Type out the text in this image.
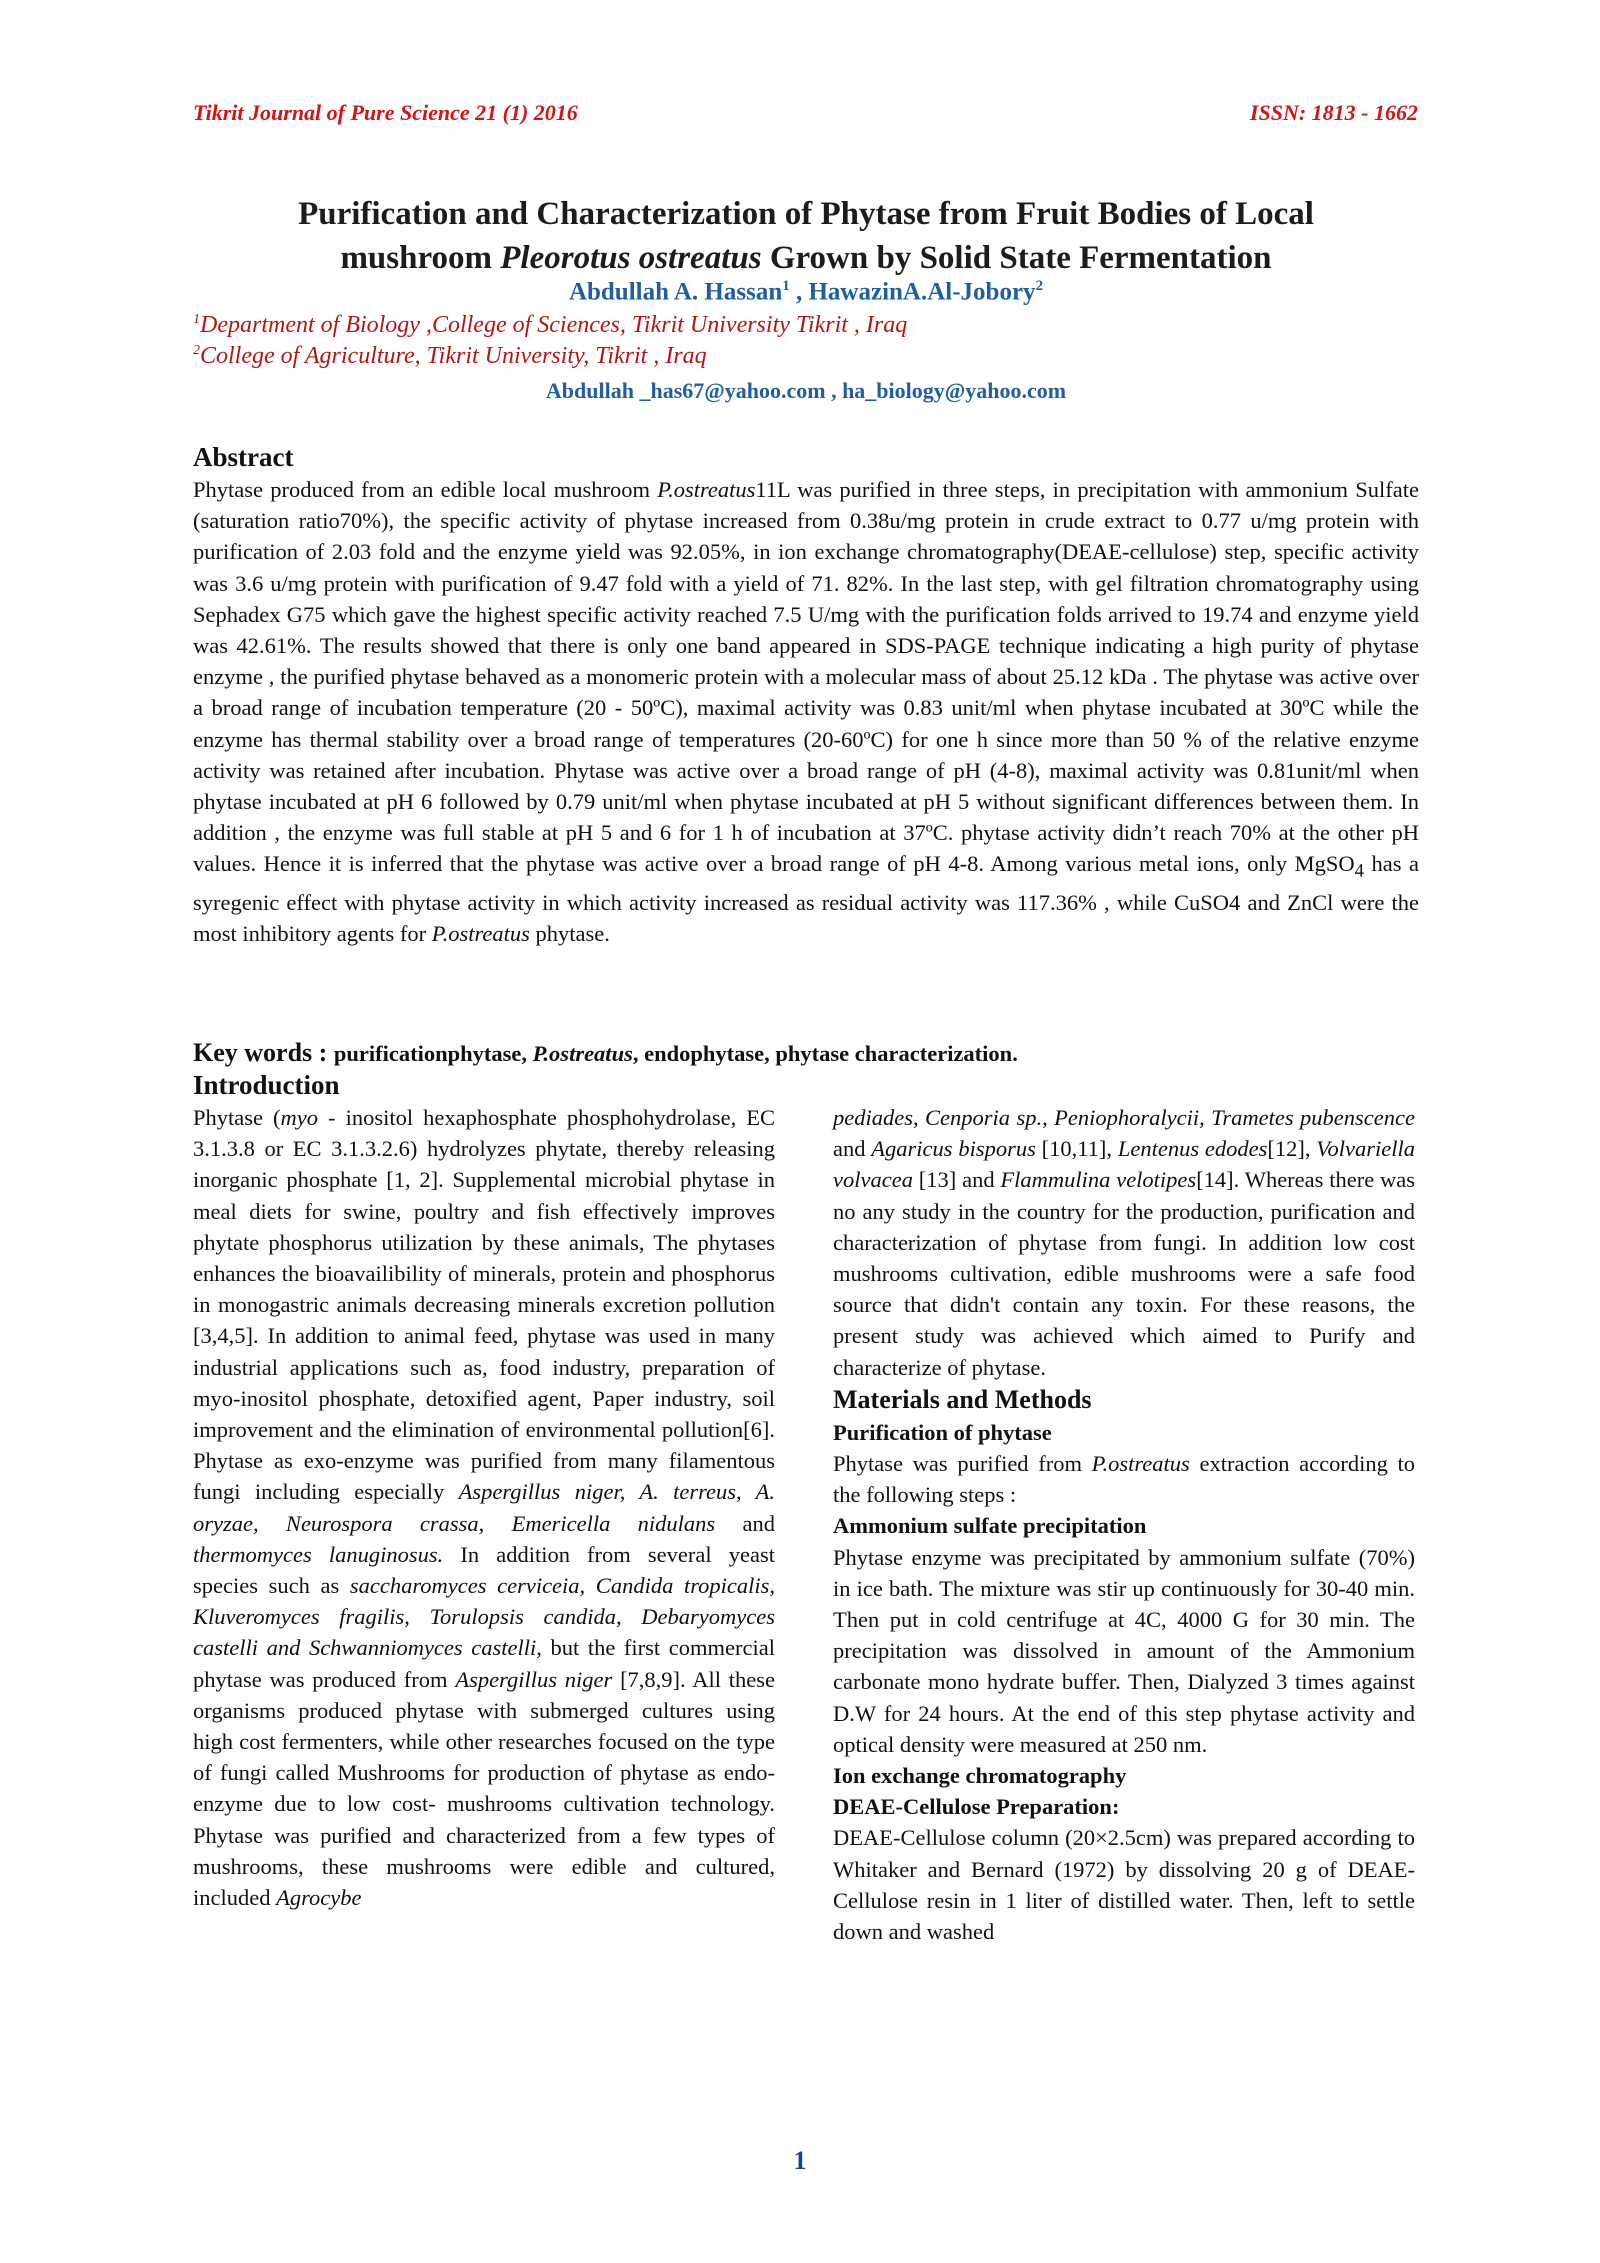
Tikrit Journal of Pure Science 21 (1) 2016	ISSN: 1813 - 1662
Purification and Characterization of Phytase from Fruit Bodies of Local
mushroom Pleorotus ostreatus Grown by Solid State Fermentation
Abdullah A. Hassan$^1$ , HawazinA.Al-Jobory$^2$
$^1$Department of Biology ,College of Sciences, Tikrit University Tikrit , Iraq
$^2$College of Agriculture, Tikrit University, Tikrit , Iraq
Abdullah _has67@yahoo.com , ha_biology@yahoo.com
Abstract

Phytase produced from an edible local mushroom P.ostreatus11L was purified in three steps, in precipitation with ammonium Sulfate (saturation ratio70%), the specific activity of phytase increased from 0.38u/mg protein in crude extract to 0.77 u/mg protein with purification of 2.03 fold and the enzyme yield was 92.05%, in ion exchange chromatography(DEAE-cellulose) step, specific activity was 3.6 u/mg protein with purification of 9.47 fold with a yield of 71. 82%. In the last step, with gel filtration chromatography using Sephadex G75 which gave the highest specific activity reached 7.5 U/mg with the purification folds arrived to 19.74 and enzyme yield was 42.61%. The results showed that there is only one band appeared in SDS-PAGE technique indicating a high purity of phytase enzyme , the purified phytase behaved as a monomeric protein with a molecular mass of about 25.12 kDa . The phytase was active over a broad range of incubation temperature (20 - 50ºC), maximal activity was 0.83 unit/ml when phytase incubated at 30ºC while the enzyme has thermal stability over a broad range of temperatures (20-60ºC) for one h since more than 50 % of the relative enzyme activity was retained after incubation. Phytase was active over a broad range of pH (4-8), maximal activity was 0.81unit/ml when phytase incubated at pH 6 followed by 0.79 unit/ml when phytase incubated at pH 5 without significant differences between them. In addition , the enzyme was full stable at pH 5 and 6 for 1 h of incubation at 37ºC. phytase activity didn’t reach 70% at the other pH values. Hence it is inferred that the phytase was active over a broad range of pH 4-8. Among various metal ions, only MgSO$_4$ has a syregenic effect with phytase activity in which activity increased as residual activity was 117.36% , while CuSO4 and ZnCl were the most inhibitory agents for P.ostreatus phytase.

Key words : purificationphytase, P.ostreatus, endophytase, phytase characterization.
Introduction

Phytase (myo - inositol hexaphosphate phosphohydrolase, EC 3.1.3.8 or EC 3.1.3.2.6) hydrolyzes phytate, thereby releasing inorganic phosphate [1, 2]. Supplemental microbial phytase in meal diets for swine, poultry and fish effectively improves phytate phosphorus utilization by these animals, The phytases enhances the bioavailibility of minerals, protein and phosphorus in monogastric animals decreasing minerals excretion pollution [3,4,5]. In addition to animal feed, phytase was used in many industrial applications such as, food industry, preparation of myo-inositol phosphate, detoxified agent, Paper industry, soil improvement and the elimination of environmental pollution[6]. Phytase as exo-enzyme was purified from many filamentous fungi including especially Aspergillus niger, A. terreus, A. oryzae, Neurospora crassa, Emericella nidulans and thermomyces lanuginosus. In addition from several yeast species such as saccharomyces cerviceia, Candida tropicalis, Kluveromyces fragilis, Torulopsis candida, Debaryomyces castelli and Schwanniomyces castelli, but the first commercial phytase was produced from Aspergillus niger [7,8,9]. All these organisms produced phytase with submerged cultures using high cost fermenters, while other researches focused on the type of fungi called Mushrooms for production of phytase as endo-enzyme due to low cost- mushrooms cultivation technology. Phytase was purified and characterized from a few types of mushrooms, these mushrooms were edible and cultured, included Agrocybe

pediades, Cenporia sp., Peniophoralycii, Trametes pubenscence and Agaricus bisporus [10,11], Lentenus edodes[12], Volvariella volvacea [13] and Flammulina velotipes[14]. Whereas there was no any study in the country for the production, purification and characterization of phytase from fungi. In addition low cost mushrooms cultivation, edible mushrooms were a safe food source that didn't contain any toxin. For these reasons, the present study was achieved which aimed to Purify and characterize of phytase.

Materials and Methods

Purification of phytase

Phytase was purified from P.ostreatus extraction according to the following steps :

Ammonium sulfate precipitation

Phytase enzyme was precipitated by ammonium sulfate (70%) in ice bath. The mixture was stir up continuously for 30-40 min. Then put in cold centrifuge at 4C, 4000 G for 30 min. The precipitation was dissolved in amount of the Ammonium carbonate mono hydrate buffer. Then, Dialyzed 3 times against D.W for 24 hours. At the end of this step phytase activity and optical density were measured at 250 nm.

Ion exchange chromatography

DEAE-Cellulose Preparation:

DEAE-Cellulose column (20×2.5cm) was prepared according to Whitaker and Bernard (1972) by dissolving 20 g of DEAE-Cellulose resin in 1 liter of distilled water. Then, left to settle down and washed

1
